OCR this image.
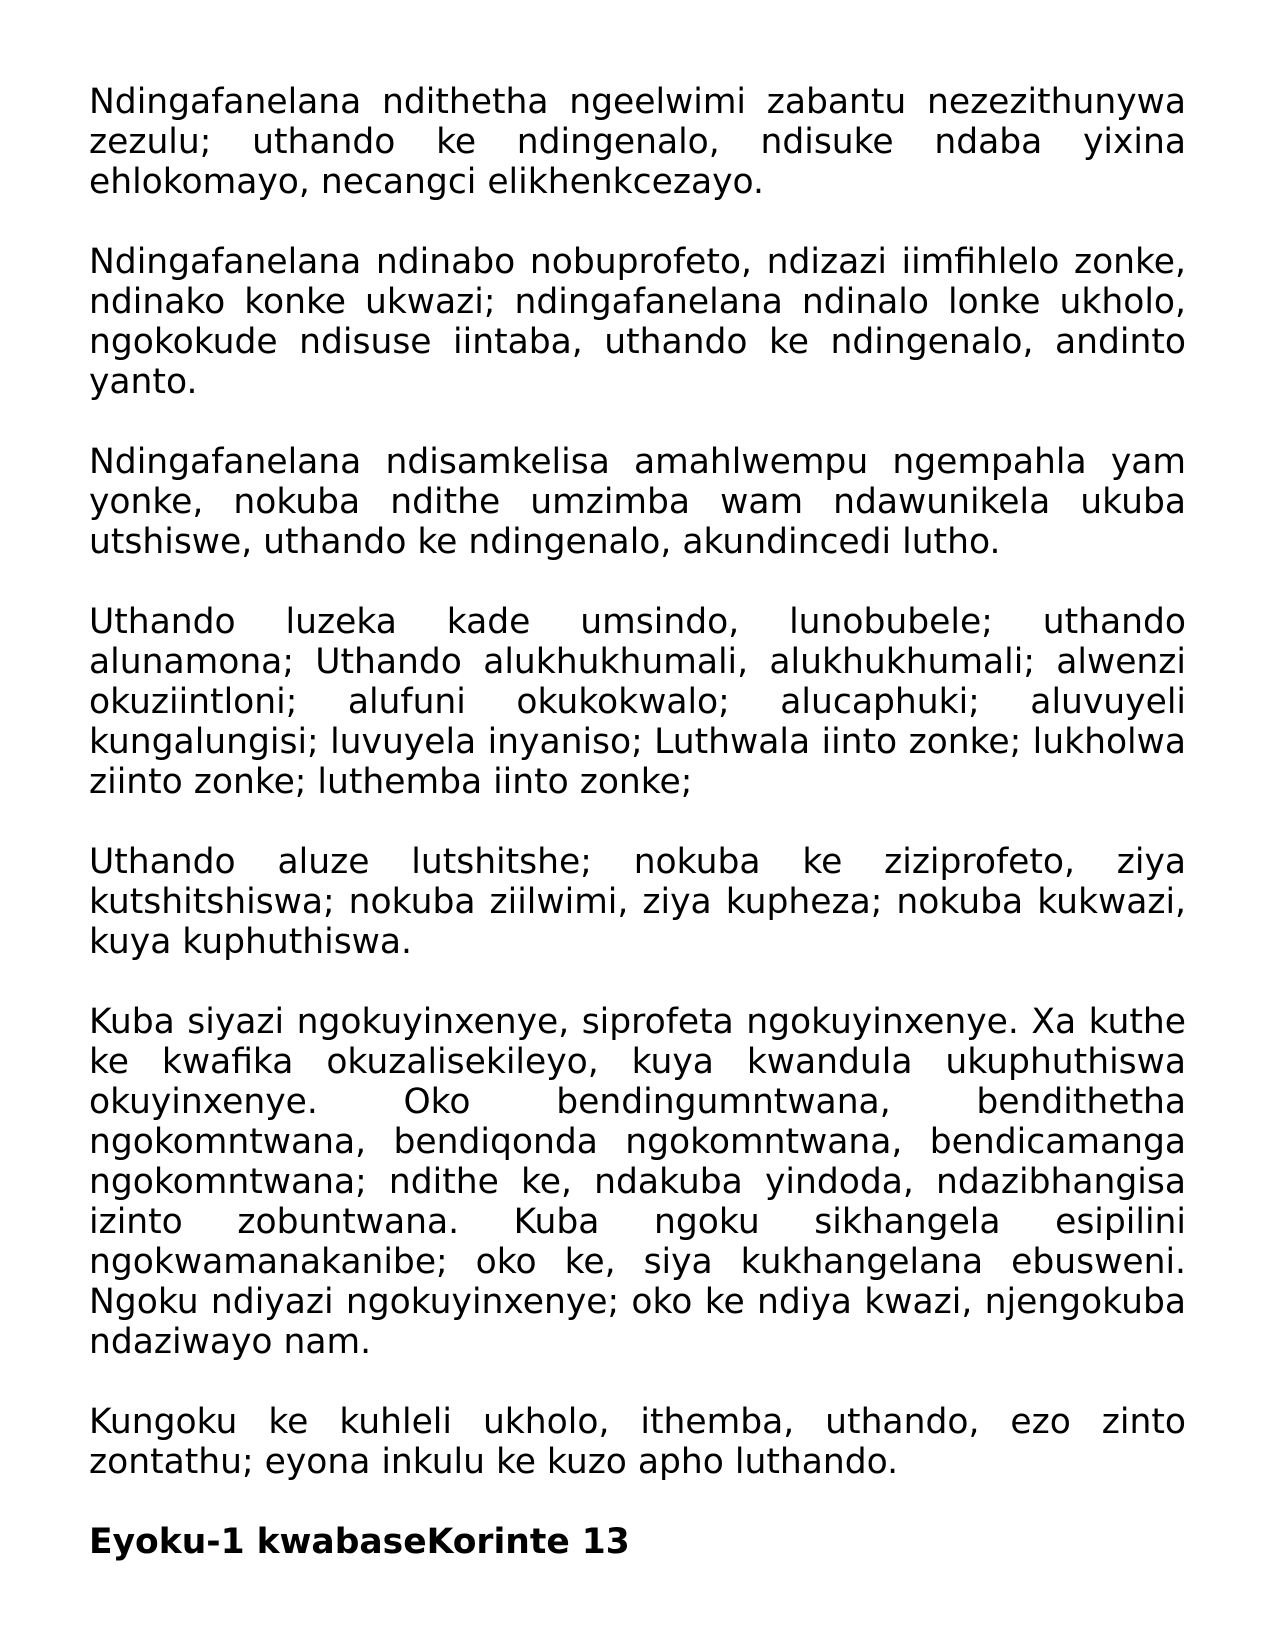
Ndingafanelana ndithetha ngeelwimi zabantu nezezithunywa zezulu; uthando ke ndingenalo, ndisuke ndaba yixina ehlokomayo, necangci elikhenkcezayo.

Ndingafanelana ndinabo nobuprofeto, ndizazi iimfihlelo zonke, ndinako konke ukwazi; ndingafanelana ndinalo lonke ukholo, ngokokude ndisuse iintaba, uthando ke ndingenalo, andinto yanto.

Ndingafanelana ndisamkelisa amahlwempu ngempahla yam yonke, nokuba ndithe umzimba wam ndawunikela ukuba utshiswe, uthando ke ndingenalo, akundincedi lutho.

Uthando luzeka kade umsindo, lunobubele; uthando alunamona; Uthando alukhukhumali, alukhukhumali; alwenzi okuziintloni; alufuni okukokwalo; alucaphuki; aluvuyeli kungalungisi; luvuyela inyaniso; Luthwala iinto zonke; lukholwa ziinto zonke; luthemba iinto zonke;

Uthando aluze lutshitshe; nokuba ke ziziprofeto, ziya kutshitshiswa; nokuba ziilwimi, ziya kupheza; nokuba kukwazi, kuya kuphuthiswa.

Kuba siyazi ngokuyinxenye, siprofeta ngokuyinxenye. Xa kuthe ke kwafika okuzalisekileyo, kuya kwandula ukuphuthiswa okuyinxenye. Oko bendingumntwana, bendithetha ngokomntwana, bendiqonda ngokomntwana, bendicamanga ngokomntwana; ndithe ke, ndakuba yindoda, ndazibhangisa izinto zobuntwana. Kuba ngoku sikhangela esipilini ngokwamanakanibe; oko ke, siya kukhangelana ebusweni. Ngoku ndiyazi ngokuyinxenye; oko ke ndiya kwazi, njengokuba ndaziwayo nam.

Kungoku ke kuhleli ukholo, ithemba, uthando, ezo zinto zontathu; eyona inkulu ke kuzo apho luthando.

Eyoku-1 kwabaseKorinte 13
